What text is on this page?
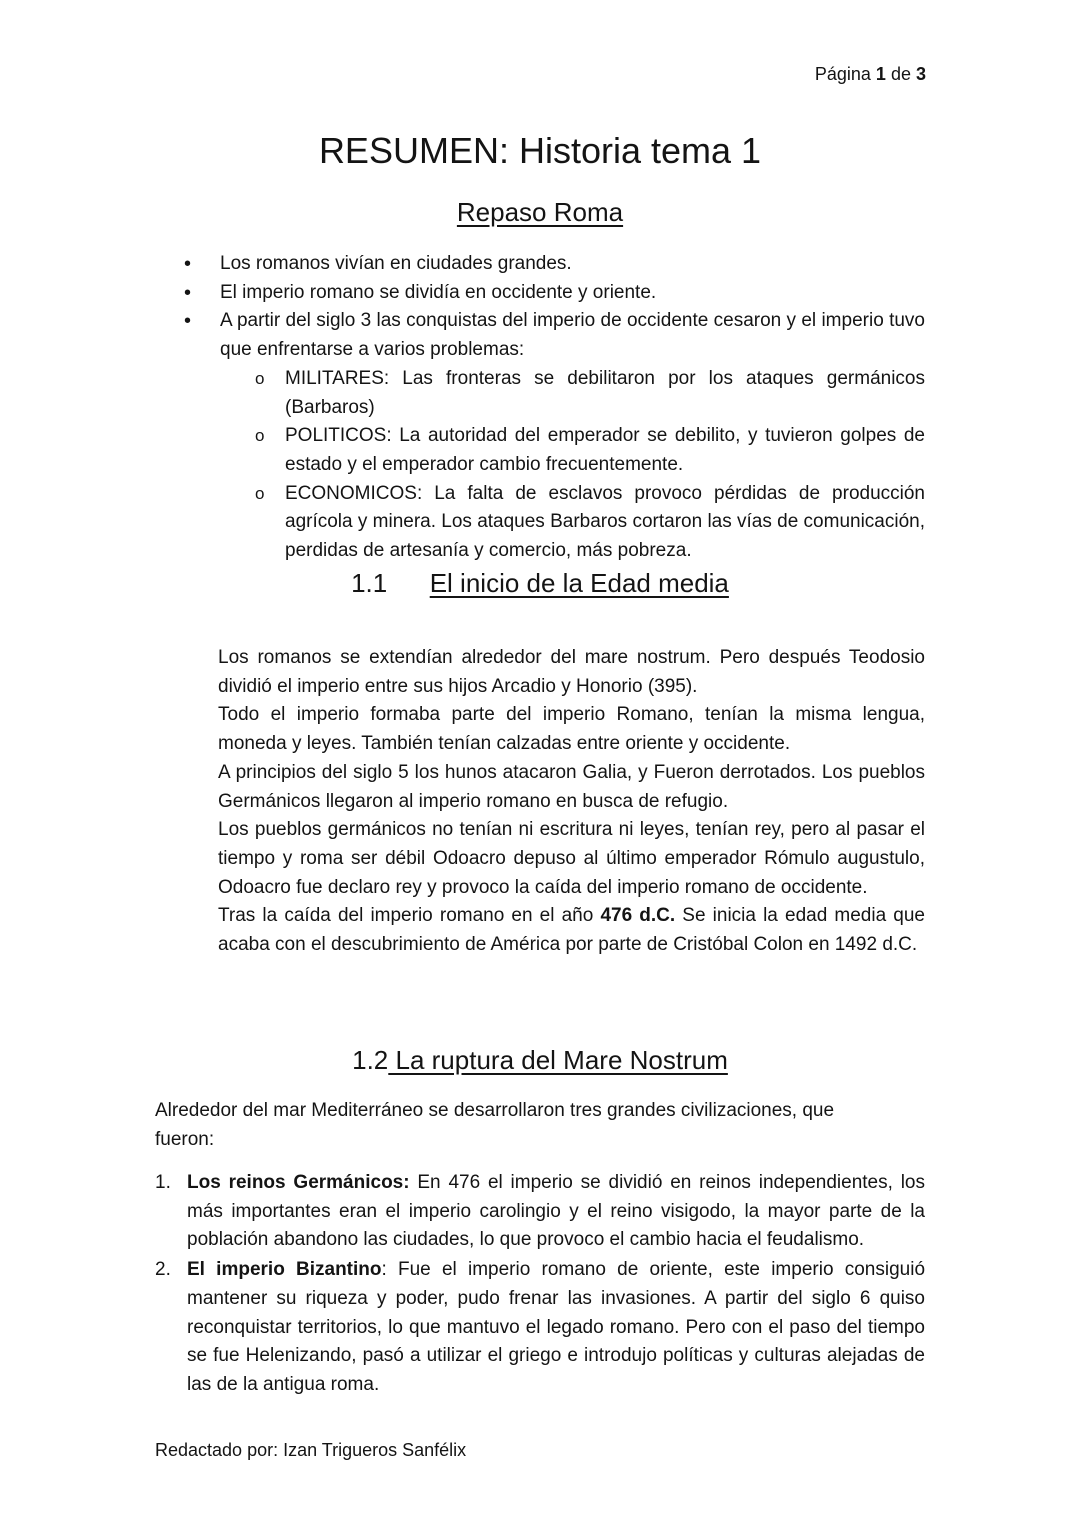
Página 1 de 3
RESUMEN: Historia tema 1
Repaso Roma
• Los romanos vivían en ciudades grandes.
• El imperio romano se dividía en occidente y oriente.
• A partir del siglo 3 las conquistas del imperio de occidente cesaron y el imperio tuvo que enfrentarse a varios problemas:
o MILITARES: Las fronteras se debilitaron por los ataques germánicos (Barbaros)
o POLITICOS: La autoridad del emperador se debilito, y tuvieron golpes de estado y el emperador cambio frecuentemente.
o ECONOMICOS: La falta de esclavos provoco pérdidas de producción agrícola y minera. Los ataques Barbaros cortaron las vías de comunicación, perdidas de artesanía y comercio, más pobreza.
1.1 El inicio de la Edad media

Los romanos se extendían alrededor del mare nostrum. Pero después Teodosio dividió el imperio entre sus hijos Arcadio y Honorio (395).

Todo el imperio formaba parte del imperio Romano, tenían la misma lengua, moneda y leyes. También tenían calzadas entre oriente y occidente.

A principios del siglo 5 los hunos atacaron Galia, y Fueron derrotados. Los pueblos Germánicos llegaron al imperio romano en busca de refugio.

Los pueblos germánicos no tenían ni escritura ni leyes, tenían rey, pero al pasar el tiempo y roma ser débil Odoacro depuso al último emperador Rómulo augustulo, Odoacro fue declaro rey y provoco la caída del imperio romano de occidente.

Tras la caída del imperio romano en el año 476 d.C. Se inicia la edad media que acaba con el descubrimiento de América por parte de Cristóbal Colon en 1492 d.C.

1.2 La ruptura del Mare Nostrum
Alrededor del mar Mediterráneo se desarrollaron tres grandes civilizaciones, que fueron:
1. Los reinos Germánicos: En 476 el imperio se dividió en reinos independientes, los más importantes eran el imperio carolingio y el reino visigodo, la mayor parte de la población abandono las ciudades, lo que provoco el cambio hacia el feudalismo.
2. El imperio Bizantino: Fue el imperio romano de oriente, este imperio consiguió mantener su riqueza y poder, pudo frenar las invasiones. A partir del siglo 6 quiso reconquistar territorios, lo que mantuvo el legado romano. Pero con el paso del tiempo se fue Helenizando, pasó a utilizar el griego e introdujo políticas y culturas alejadas de las de la antigua roma.
Redactado por: Izan Trigueros Sanfélix
